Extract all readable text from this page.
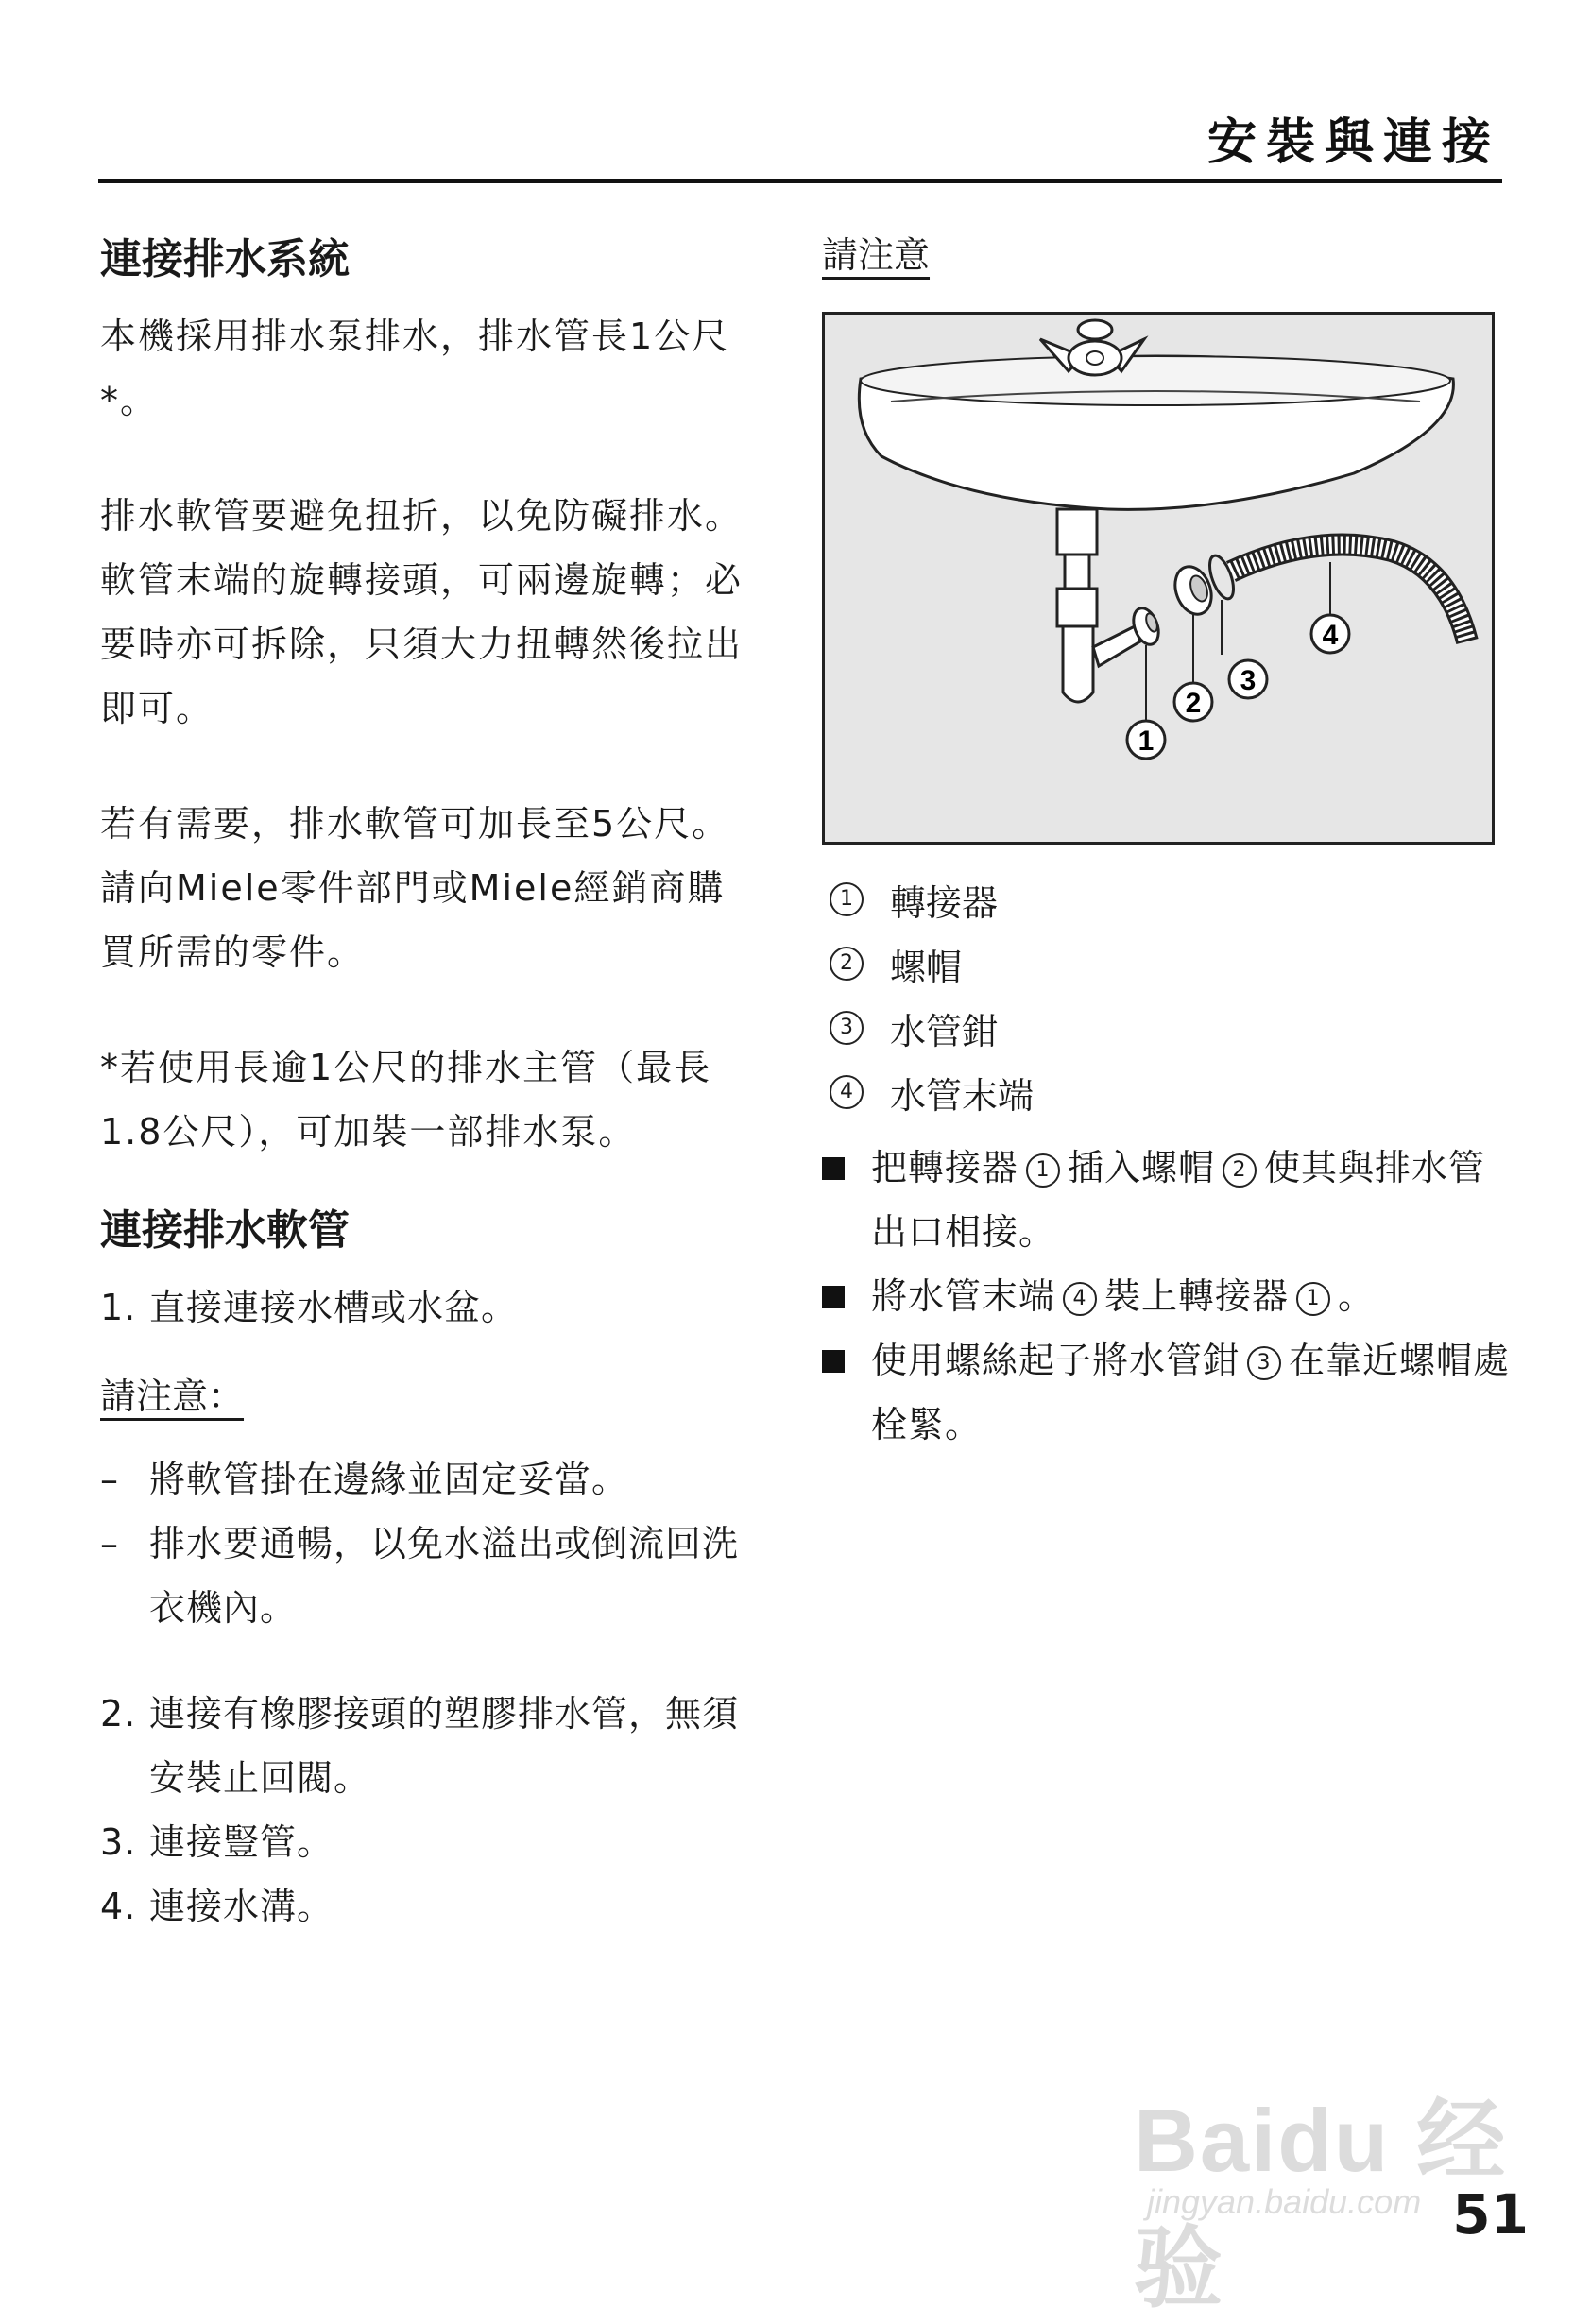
安裝與連接
連接排水系統

本機採用排水泵排水，排水管長1公尺*。

排水軟管要避免扭折，以免防礙排水。軟管末端的旋轉接頭，可兩邊旋轉；必要時亦可拆除，只須大力扭轉然後拉出即可。

若有需要，排水軟管可加長至5公尺。請向Miele零件部門或Miele經銷商購買所需的零件。

*若使用長逾1公尺的排水主管（最長1.8公尺），可加裝一部排水泵。

連接排水軟管
1. 直接連接水槽或水盆。

請注意：

– 將軟管掛在邊緣並固定妥當。
– 排水要通暢，以免水溢出或倒流回洗衣機內。
2. 連接有橡膠接頭的塑膠排水管，無須安裝止回閥。
3. 連接豎管。
4. 連接水溝。

請注意

1
2
3
4
1 轉接器
2 螺帽
3 水管鉗
4 水管末端
把轉接器 1 插入螺帽 2 使其與排水管出口相接。
將水管末端 4 裝上轉接器 1 。
使用螺絲起子將水管鉗 3 在靠近螺帽處栓緊。
Baidu 经验
jingyan.baidu.com 51
